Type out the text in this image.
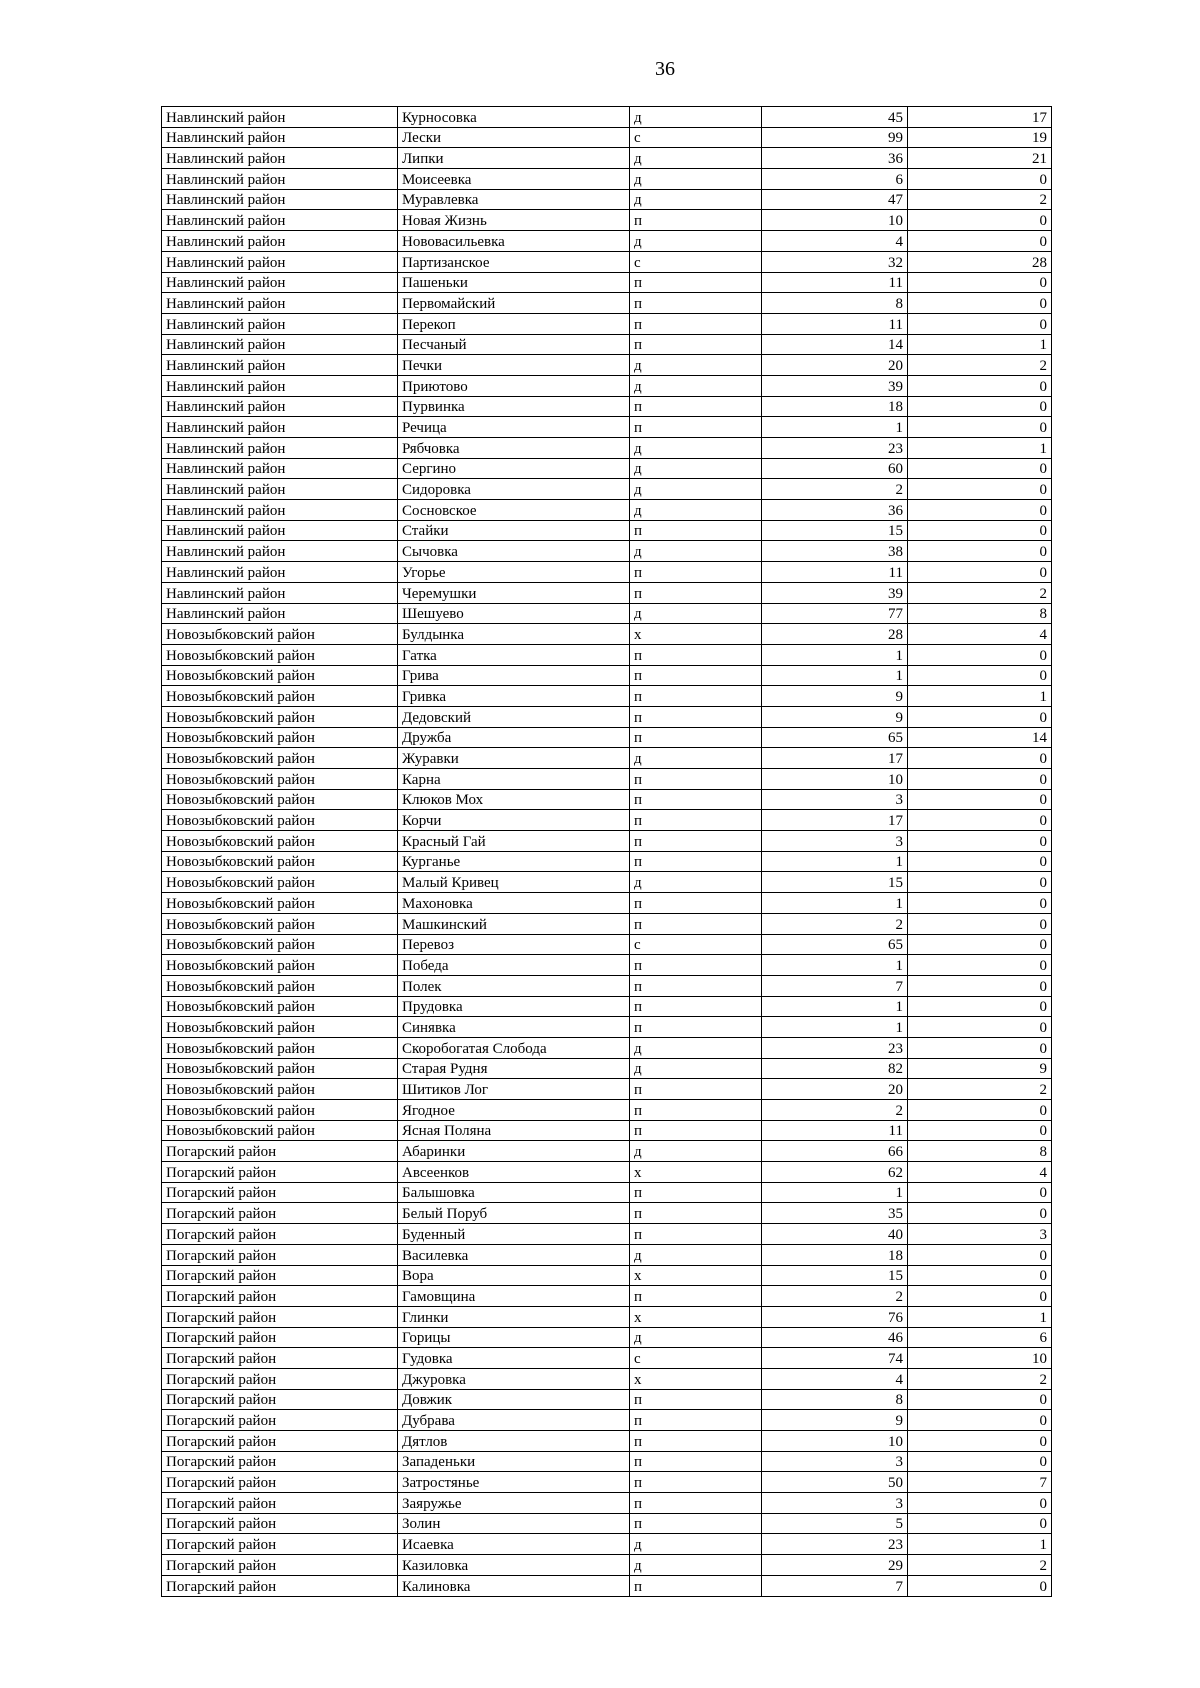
36
Навлинский район	Курносовка	д	45	17
Навлинский район	Лески	с	99	19
Навлинский район	Липки	д	36	21
Навлинский район	Моисеевка	д	6	0
Навлинский район	Муравлевка	д	47	2
Навлинский район	Новая Жизнь	п	10	0
Навлинский район	Нововасильевка	д	4	0
Навлинский район	Партизанское	с	32	28
Навлинский район	Пашеньки	п	11	0
Навлинский район	Первомайский	п	8	0
Навлинский район	Перекоп	п	11	0
Навлинский район	Песчаный	п	14	1
Навлинский район	Печки	д	20	2
Навлинский район	Приютово	д	39	0
Навлинский район	Пурвинка	п	18	0
Навлинский район	Речица	п	1	0
Навлинский район	Рябчовка	д	23	1
Навлинский район	Сергино	д	60	0
Навлинский район	Сидоровка	д	2	0
Навлинский район	Сосновское	д	36	0
Навлинский район	Стайки	п	15	0
Навлинский район	Сычовка	д	38	0
Навлинский район	Угорье	п	11	0
Навлинский район	Черемушки	п	39	2
Навлинский район	Шешуево	д	77	8
Новозыбковский район	Булдынка	х	28	4
Новозыбковский район	Гатка	п	1	0
Новозыбковский район	Грива	п	1	0
Новозыбковский район	Гривка	п	9	1
Новозыбковский район	Дедовский	п	9	0
Новозыбковский район	Дружба	п	65	14
Новозыбковский район	Журавки	д	17	0
Новозыбковский район	Карна	п	10	0
Новозыбковский район	Клюков Мох	п	3	0
Новозыбковский район	Корчи	п	17	0
Новозыбковский район	Красный Гай	п	3	0
Новозыбковский район	Курганье	п	1	0
Новозыбковский район	Малый Кривец	д	15	0
Новозыбковский район	Махоновка	п	1	0
Новозыбковский район	Машкинский	п	2	0
Новозыбковский район	Перевоз	с	65	0
Новозыбковский район	Победа	п	1	0
Новозыбковский район	Полек	п	7	0
Новозыбковский район	Прудовка	п	1	0
Новозыбковский район	Синявка	п	1	0
Новозыбковский район	Скоробогатая Слобода	д	23	0
Новозыбковский район	Старая Рудня	д	82	9
Новозыбковский район	Шитиков Лог	п	20	2
Новозыбковский район	Ягодное	п	2	0
Новозыбковский район	Ясная Поляна	п	11	0
Погарский район	Абаринки	д	66	8
Погарский район	Авсеенков	х	62	4
Погарский район	Балышовка	п	1	0
Погарский район	Белый Поруб	п	35	0
Погарский район	Буденный	п	40	3
Погарский район	Василевка	д	18	0
Погарский район	Вора	х	15	0
Погарский район	Гамовщина	п	2	0
Погарский район	Глинки	х	76	1
Погарский район	Горицы	д	46	6
Погарский район	Гудовка	с	74	10
Погарский район	Джуровка	х	4	2
Погарский район	Довжик	п	8	0
Погарский район	Дубрава	п	9	0
Погарский район	Дятлов	п	10	0
Погарский район	Западеньки	п	3	0
Погарский район	Затростянье	п	50	7
Погарский район	Заяружье	п	3	0
Погарский район	Золин	п	5	0
Погарский район	Исаевка	д	23	1
Погарский район	Казиловка	д	29	2
Погарский район	Калиновка	п	7	0
